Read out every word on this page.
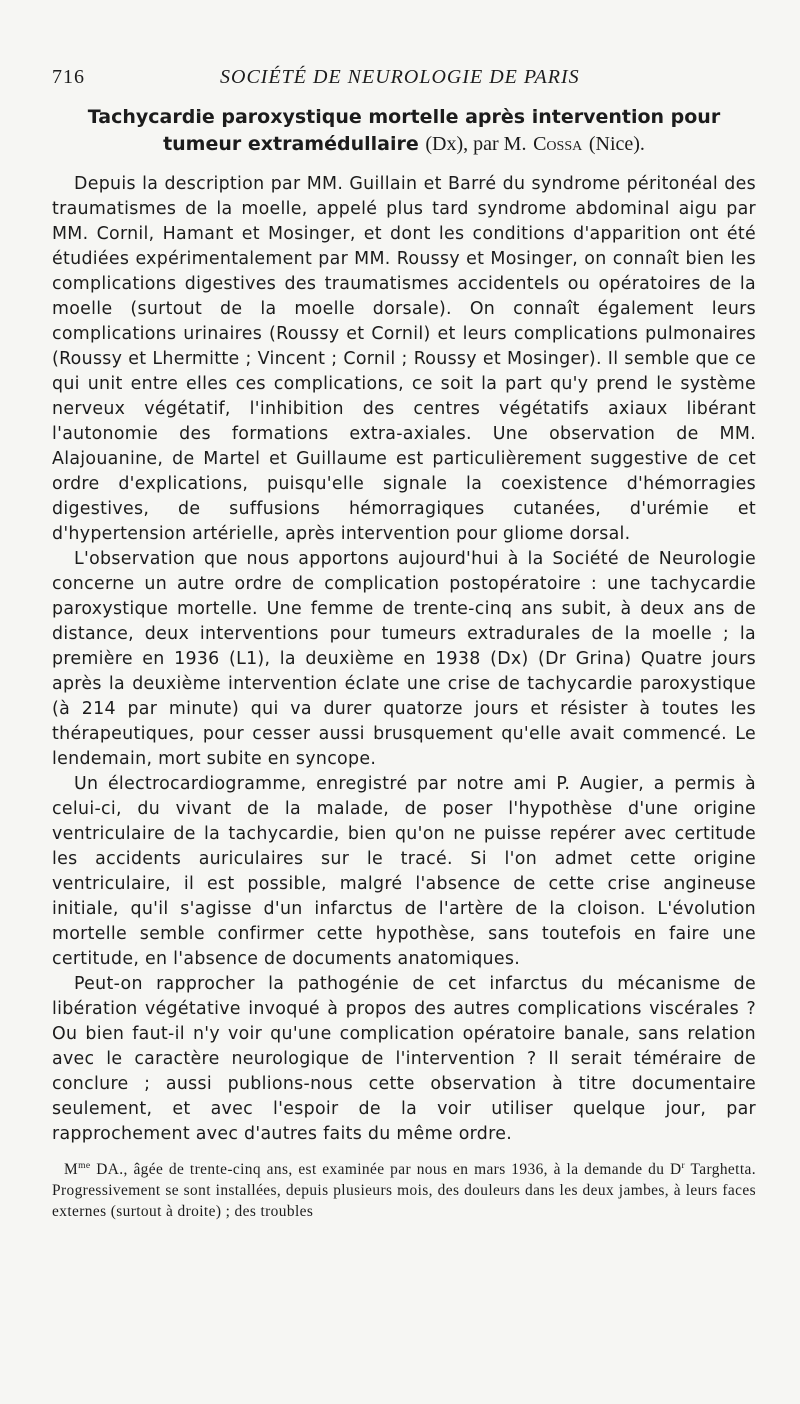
716	SOCIÉTÉ DE NEUROLOGIE DE PARIS
Tachycardie paroxystique mortelle après intervention pour tumeur extramédullaire (Dx), par M. Cossa (Nice).

Depuis la description par MM. Guillain et Barré du syndrome péritonéal des traumatismes de la moelle, appelé plus tard syndrome abdominal aigu par MM. Cornil, Hamant et Mosinger, et dont les conditions d'apparition ont été étudiées expérimentalement par MM. Roussy et Mosinger, on connaît bien les complications digestives des traumatismes accidentels ou opératoires de la moelle (surtout de la moelle dorsale). On connaît également leurs complications urinaires (Roussy et Cornil) et leurs complications pulmonaires (Roussy et Lhermitte ; Vincent ; Cornil ; Roussy et Mosinger). Il semble que ce qui unit entre elles ces complications, ce soit la part qu'y prend le système nerveux végétatif, l'inhibition des centres végétatifs axiaux libérant l'autonomie des formations extra-axiales. Une observation de MM. Alajouanine, de Martel et Guillaume est particulièrement suggestive de cet ordre d'explications, puisqu'elle signale la coexistence d'hémorragies digestives, de suffusions hémorragiques cutanées, d'urémie et d'hypertension artérielle, après intervention pour gliome dorsal.

L'observation que nous apportons aujourd'hui à la Société de Neurologie concerne un autre ordre de complication postopératoire : une tachycardie paroxystique mortelle. Une femme de trente-cinq ans subit, à deux ans de distance, deux interventions pour tumeurs extradurales de la moelle ; la première en 1936 (L1), la deuxième en 1938 (Dx) (Dr Grina) Quatre jours après la deuxième intervention éclate une crise de tachycardie paroxystique (à 214 par minute) qui va durer quatorze jours et résister à toutes les thérapeutiques, pour cesser aussi brusquement qu'elle avait commencé. Le lendemain, mort subite en syncope.

Un électrocardiogramme, enregistré par notre ami P. Augier, a permis à celui-ci, du vivant de la malade, de poser l'hypothèse d'une origine ventriculaire de la tachycardie, bien qu'on ne puisse repérer avec certitude les accidents auriculaires sur le tracé. Si l'on admet cette origine ventriculaire, il est possible, malgré l'absence de cette crise angineuse initiale, qu'il s'agisse d'un infarctus de l'artère de la cloison. L'évolution mortelle semble confirmer cette hypothèse, sans toutefois en faire une certitude, en l'absence de documents anatomiques.

Peut-on rapprocher la pathogénie de cet infarctus du mécanisme de libération végétative invoqué à propos des autres complications viscérales ? Ou bien faut-il n'y voir qu'une complication opératoire banale, sans relation avec le caractère neurologique de l'intervention ? Il serait téméraire de conclure ; aussi publions-nous cette observation à titre documentaire seulement, et avec l'espoir de la voir utiliser quelque jour, par rapprochement avec d'autres faits du même ordre.

$M^{me}$ DA., âgée de trente-cinq ans, est examinée par nous en mars 1936, à la demande du $D^r$ Targhetta. Progressivement se sont installées, depuis plusieurs mois, des douleurs dans les deux jambes, à leurs faces externes (surtout à droite) ; des troubles
